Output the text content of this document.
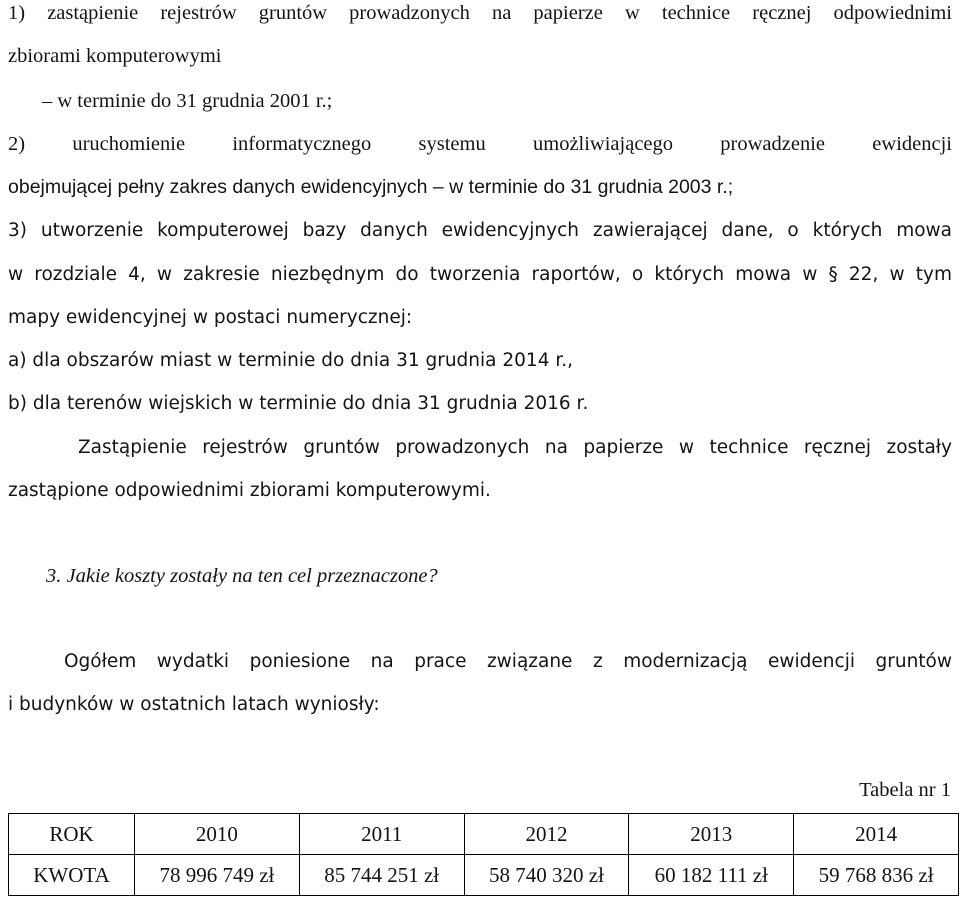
1) zastąpienie rejestrów gruntów prowadzonych na papierze w technice ręcznej odpowiednimi

zbiorami komputerowymi

– w terminie do 31 grudnia 2001 r.;

2) uruchomienie informatycznego systemu umożliwiającego prowadzenie ewidencji

obejmującej pełny zakres danych ewidencyjnych – w terminie do 31 grudnia 2003 r.;

3) utworzenie komputerowej bazy danych ewidencyjnych zawierającej dane, o których mowa

w rozdziale 4, w zakresie niezbędnym do tworzenia raportów, o których mowa w § 22, w tym

mapy ewidencyjnej w postaci numerycznej:

a) dla obszarów miast w terminie do dnia 31 grudnia 2014 r.,

b) dla terenów wiejskich w terminie do dnia 31 grudnia 2016 r.

Zastąpienie rejestrów gruntów prowadzonych na papierze w technice ręcznej zostały

zastąpione odpowiednimi zbiorami komputerowymi.

3. Jakie koszty zostały na ten cel przeznaczone?

Ogółem wydatki poniesione na prace związane z modernizacją ewidencji gruntów

i budynków w ostatnich latach wyniosły:

Tabela nr 1

ROK	2010	2011	2012	2013	2014
KWOTA	78 996 749 zł	85 744 251 zł	58 740 320 zł	60 182 111 zł	59 768 836 zł
